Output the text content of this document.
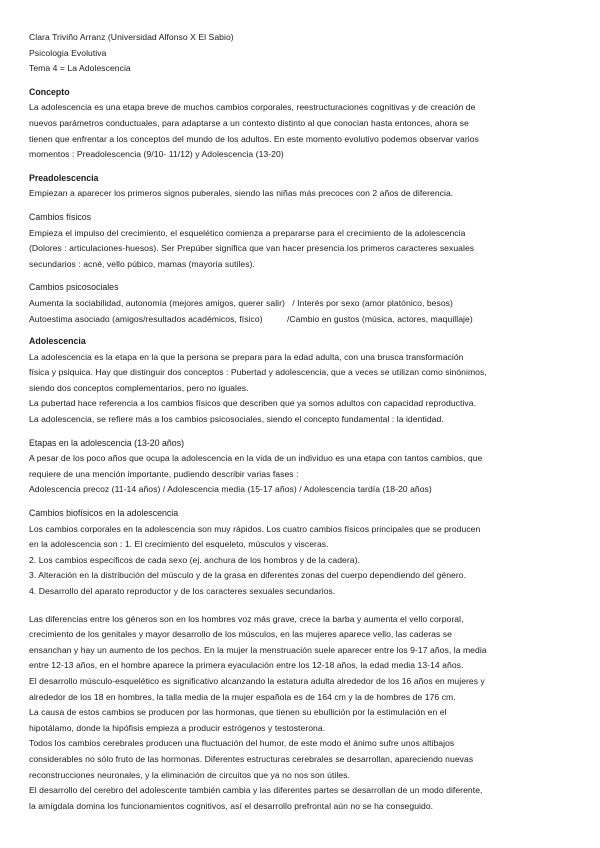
Clara Triviño Arranz (Universidad Alfonso X El Sabio)
Psicologia Evolutiva
Tema 4 = La Adolescencia
Concepto
La adolescencia es una etapa breve de muchos cambios corporales, reestructuraciones cognitivas y de creación de
nuevos parámetros conductuales, para adaptarse a un contexto distinto al que conocian hasta entonces, ahora se
tienen que enfrentar a los conceptos del mundo de los adultos. En este momento evolutivo podemos observar varios
momentos : Preadolescencia (9/10- 11/12) y Adolescencia (13-20)
Preadolescencia
Empiezan a aparecer los primeros signos puberales, siendo las niñas más precoces con 2 años de diferencia.
Cambios físicos
Empieza el impulso del crecimiento, el esquelético comienza a prepararse para el crecimiento de la adolescencia
(Dolores : articulaciones-huesos). Ser Prepúber significa que van hacer presencia los primeros caracteres sexuales
secundarios : acné, vello púbico, mamas (mayoria sutiles).
Cambios psicosociales
Aumenta la sociabilidad, autonomía (mejores amigos, querer salir)   / Interés por sexo (amor platónico, besos)
Autoestima asociado (amigos/resultados académicos, físico)          /Cambio en gustos (música, actores, maquillaje)
Adolescencia
La adolescencia es la etapa en la que la persona se prepara para la edad adulta, con una brusca transformación
física y psiquica. Hay que distinguir dos conceptos : Pubertad y adolescencia, que a veces se utilizan como sinónimos,
siendo dos conceptos complementarios, pero no iguales.
La pubertad hace referencia a los cambios físicos que describen que ya somos adultos con capacidad reproductiva.
La adolescencia, se refiere más a los cambios psicosociales, siendo el concepto fundamental : la identidad.
Etapas en la adolescencia (13-20 años)
A pesar de los poco años que ocupa la adolescencia en la vida de un individuo es una etapa con tantos cambios, que
requiere de una mención importante, pudiendo describir varias fases :
Adolescencia precoz (11-14 años) / Adolescencia media (15-17 años) / Adolescencia tardía (18-20 años)
Cambios biofísicos en la adolescencia
Los cambios corporales en la adolescencia son muy rápidos. Los cuatro cambios físicos principales que se producen
en la adolescencia son : 1. El crecimiento del esqueleto, músculos y visceras.
2. Los cambios especificos de cada sexo (ej. anchura de los hombros y de la cadera).
3. Alteración en la distribución del músculo y de la grasa en diferentes zonas del cuerpo dependiendo del género.
4. Desarrollo del aparato reproductor y de los caracteres sexuales secundarios.
Las diferencias entre los géneros son en los hombres voz más grave, crece la barba y aumenta el vello corporal,
crecimiento de los genitales y mayor desarrollo de los músculos, en las mujeres aparece vello, las caderas se
ensanchan y hay un aumento de los pechos. En la mujer la menstruación suele aparecer entre los 9-17 años, la media
entre 12-13 años, en el hombre aparece la primera eyaculación entre los 12-18 años, la edad media 13-14 años.
El desarrollo músculo-esquelético es significativo alcanzando la estatura adulta alrededor de los 16 años en mujeres y
alrededor de los 18 en hombres, la talla media de la mujer española es de 164 cm y la de hombres de 176 cm.
La causa de estos cambios se producen por las hormonas, que tienen su ebullición por la estimulación en el
hipotálamo, donde la hipófisis empieza a producir estrógenos y testosterona.
Todos los cambios cerebrales producen una fluctuación del humor, de este modo el ánimo sufre unos altibajos
considerables no sólo fruto de las hormonas. Diferentes estructuras cerebrales se desarrollan, apareciendo nuevas
reconstrucciones neuronales, y la eliminación de circuitos que ya no nos son útiles.
El desarrollo del cerebro del adolescente también cambia y las diferentes partes se desarrollan de un modo diferente,
la amígdala domina los funcionamientos cognitivos, así el desarrollo prefrontal aún no se ha conseguido.
